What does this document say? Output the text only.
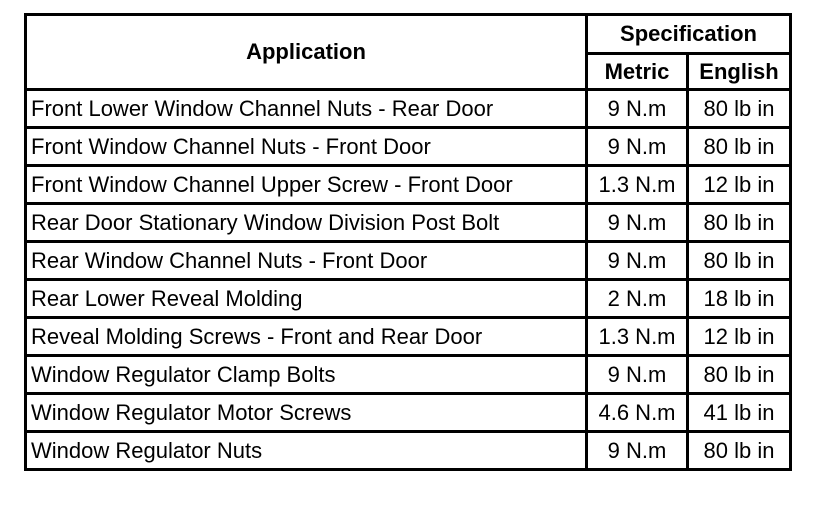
Application	Specification	
	Metric	English
Front Lower Window Channel Nuts - Rear Door	9 N.m	80 lb in
Front Window Channel Nuts - Front Door	9 N.m	80 lb in
Front Window Channel Upper Screw - Front Door	1.3 N.m	12 lb in
Rear Door Stationary Window Division Post Bolt	9 N.m	80 lb in
Rear Window Channel Nuts - Front Door	9 N.m	80 lb in
Rear Lower Reveal Molding	2 N.m	18 lb in
Reveal Molding Screws - Front and Rear Door	1.3 N.m	12 lb in
Window Regulator Clamp Bolts	9 N.m	80 lb in
Window Regulator Motor Screws	4.6 N.m	41 lb in
Window Regulator Nuts	9 N.m	80 lb in
